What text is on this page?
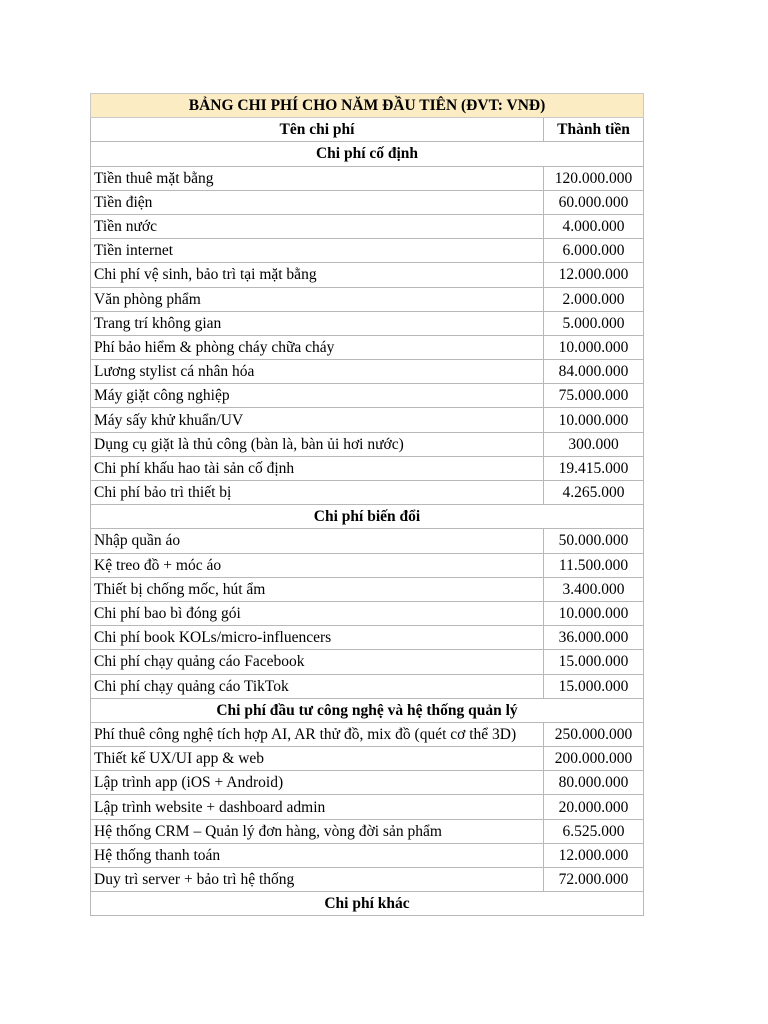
BẢNG CHI PHÍ CHO NĂM ĐẦU TIÊN (ĐVT: VNĐ)	
Tên chi phí	Thành tiền
Chi phí cố định	
Tiền thuê mặt bằng	120.000.000
Tiền điện	60.000.000
Tiền nước	4.000.000
Tiền internet	6.000.000
Chi phí vệ sinh, bảo trì tại mặt bằng	12.000.000
Văn phòng phẩm	2.000.000
Trang trí không gian	5.000.000
Phí bảo hiểm & phòng cháy chữa cháy	10.000.000
Lương stylist cá nhân hóa	84.000.000
Máy giặt công nghiệp	75.000.000
Máy sấy khử khuẩn/UV	10.000.000
Dụng cụ giặt là thủ công (bàn là, bàn ủi hơi nước)	300.000
Chi phí khấu hao tài sản cố định	19.415.000
Chi phí bảo trì thiết bị	4.265.000
Chi phí biến đổi	
Nhập quần áo	50.000.000
Kệ treo đồ + móc áo	11.500.000
Thiết bị chống mốc, hút ẩm	3.400.000
Chi phí bao bì đóng gói	10.000.000
Chi phí book KOLs/micro-influencers	36.000.000
Chi phí chạy quảng cáo Facebook	15.000.000
Chi phí chạy quảng cáo TikTok	15.000.000
Chi phí đầu tư công nghệ và hệ thống quản lý	
Phí thuê công nghệ tích hợp AI, AR thử đồ, mix đồ (quét cơ thể 3D)	250.000.000
Thiết kế UX/UI app & web	200.000.000
Lập trình app (iOS + Android)	80.000.000
Lập trình website + dashboard admin	20.000.000
Hệ thống CRM – Quản lý đơn hàng, vòng đời sản phẩm	6.525.000
Hệ thống thanh toán	12.000.000
Duy trì server + bảo trì hệ thống	72.000.000
Chi phí khác	
